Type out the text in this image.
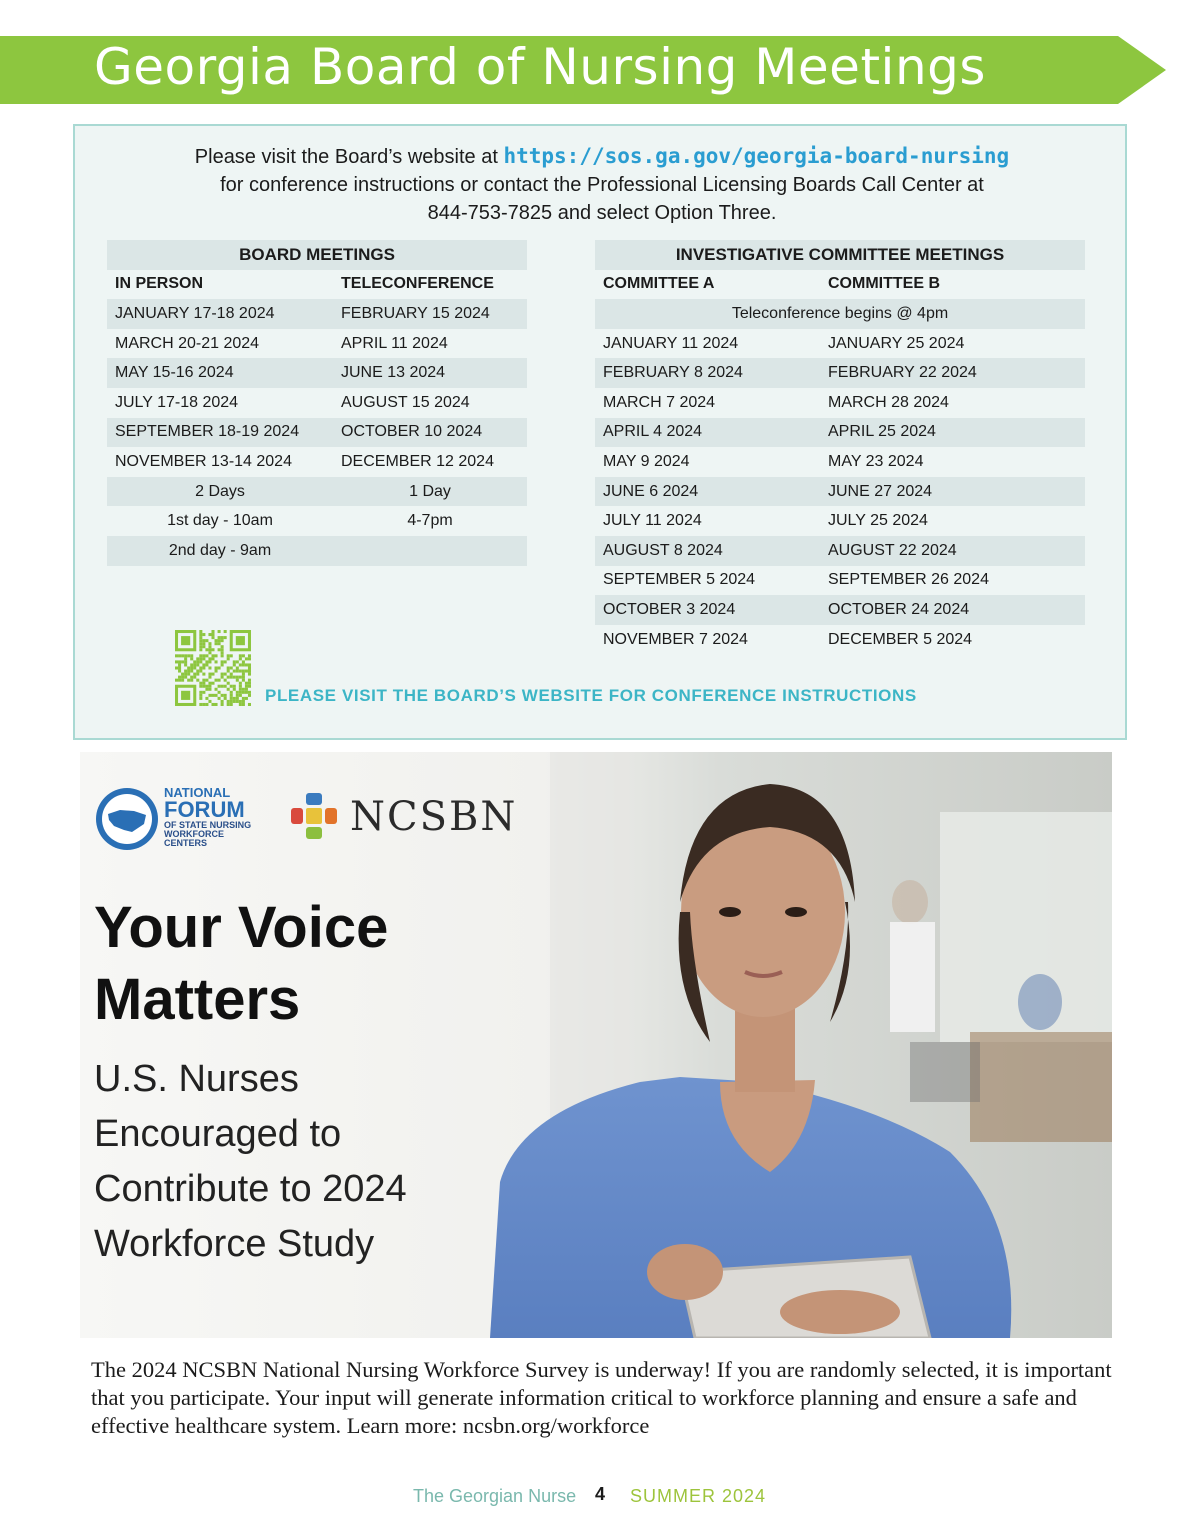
Georgia Board of Nursing Meetings
Please visit the Board’s website at https://sos.ga.gov/georgia-board-nursing
for conference instructions or contact the Professional Licensing Boards Call Center at
844-753-7825 and select Option Three.
BOARD MEETINGS	
IN PERSON	TELECONFERENCE
JANUARY 17-18 2024	FEBRUARY 15 2024
MARCH 20-21 2024	APRIL 11 2024
MAY 15-16 2024	JUNE 13 2024
JULY 17-18 2024	AUGUST 15 2024
SEPTEMBER 18-19 2024	OCTOBER 10 2024
NOVEMBER 13-14 2024	DECEMBER 12 2024
2 Days	1 Day
1st day - 10am	4-7pm
2nd day - 9am	
INVESTIGATIVE COMMITTEE MEETINGS	
COMMITTEE A	COMMITTEE B
Teleconference begins @ 4pm	
JANUARY 11 2024	JANUARY 25 2024
FEBRUARY 8 2024	FEBRUARY 22 2024
MARCH 7 2024	MARCH 28 2024
APRIL 4 2024	APRIL 25 2024
MAY 9 2024	MAY 23 2024
JUNE 6 2024	JUNE 27 2024
JULY 11 2024	JULY 25 2024
AUGUST 8 2024	AUGUST 22 2024
SEPTEMBER 5 2024	SEPTEMBER 26 2024
OCTOBER 3 2024	OCTOBER 24 2024
NOVEMBER 7 2024	DECEMBER 5 2024
PLEASE VISIT THE BOARD’S WEBSITE FOR CONFERENCE INSTRUCTIONS
NATIONAL
FORUM
OF STATE NURSING
WORKFORCE
CENTERS
NCSBN
Your Voice Matters
U.S. Nurses Encouraged to Contribute to 2024 Workforce Study
The 2024 NCSBN National Nursing Workforce Survey is underway! If you are randomly selected, it is important that you participate. Your input will generate information critical to workforce planning and ensure a safe and effective healthcare system. Learn more: ncsbn.org/workforce
The Georgian Nurse 4 SUMMER 2024
